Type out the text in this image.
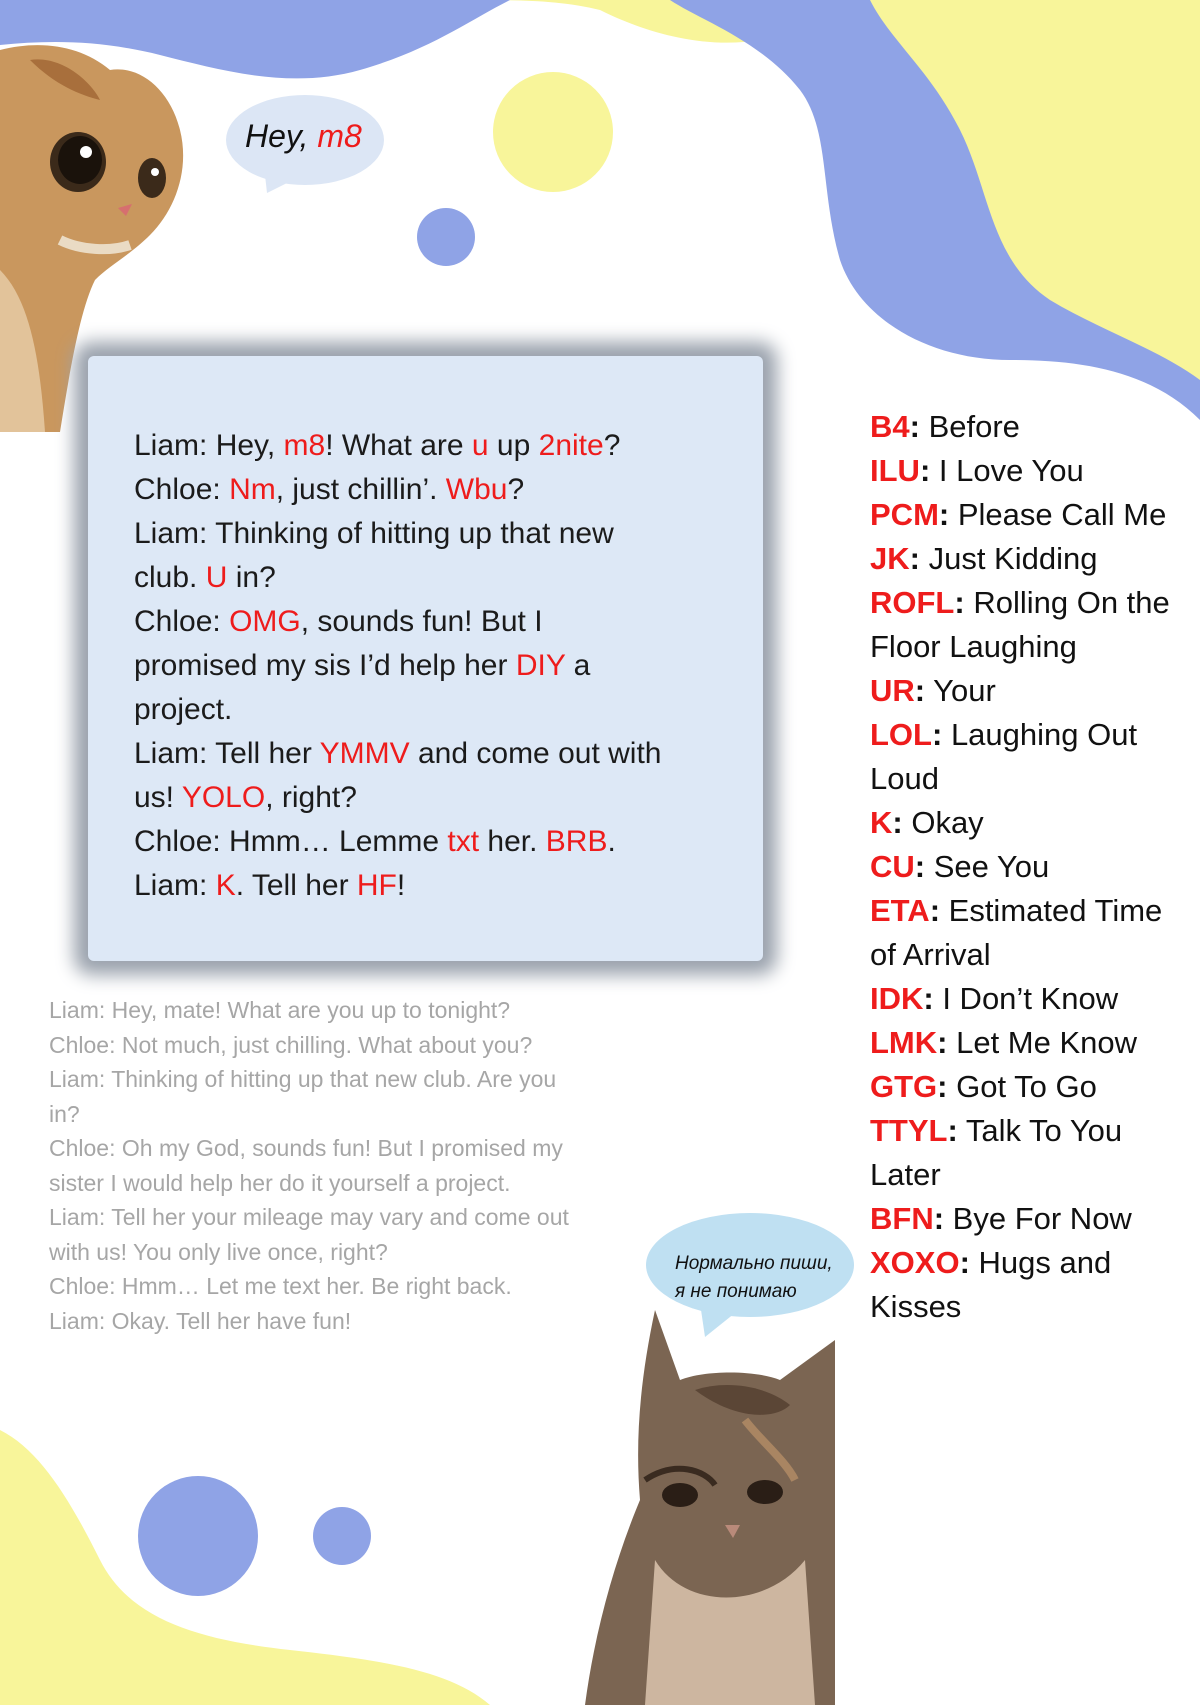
Hey, m8
Liam: Hey, m8! What are u up 2nite?
Chloe: Nm, just chillin’. Wbu?
Liam: Thinking of hitting up that new
club. U in?
Chloe: OMG, sounds fun! But I
promised my sis I’d help her DIY a
project.
Liam: Tell her YMMV and come out with
us! YOLO, right?
Chloe: Hmm… Lemme txt her. BRB.
Liam: K. Tell her HF!
Liam: Hey, mate! What are you up to tonight?
Chloe: Not much, just chilling. What about you?
Liam: Thinking of hitting up that new club. Are you
in?
Chloe: Oh my God, sounds fun! But I promised my
sister I would help her do it yourself a project.
Liam: Tell her your mileage may vary and come out
with us! You only live once, right?
Chloe: Hmm… Let me text her. Be right back.
Liam: Okay. Tell her have fun!
B4: Before
ILU: I Love You
PCM: Please Call Me
JK: Just Kidding
ROFL: Rolling On the Floor Laughing
UR: Your
LOL: Laughing Out Loud
K: Okay
CU: See You
ETA: Estimated Time of Arrival
IDK: I Don’t Know
LMK: Let Me Know
GTG: Got To Go
TTYL: Talk To You Later
BFN: Bye For Now
XOXO: Hugs and Kisses
Нормально пиши,
я не понимаю
